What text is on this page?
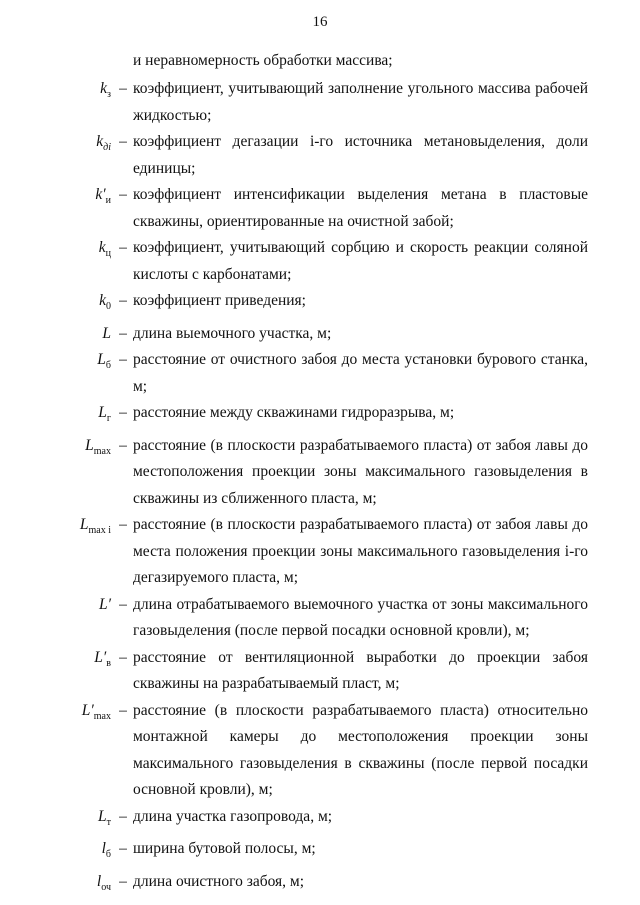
16
и неравномерность обработки массива;
$k_з$ – коэффициент, учитывающий заполнение угольного массива рабочей жидкостью;
$k_{дi}$ – коэффициент дегазации i-го источника метановыделения, доли единицы;
$k'_и$ – коэффициент интенсификации выделения метана в пластовые скважины, ориентированные на очистной забой;
$k_ц$ – коэффициент, учитывающий сорбцию и скорость реакции соляной кислоты с карбонатами;
$k_0$ – коэффициент приведения;
L – длина выемочного участка, м;
$L_б$ – расстояние от очистного забоя до места установки бурового станка, м;
$L_г$ – расстояние между скважинами гидроразрыва, м;
$L_{max}$ – расстояние (в плоскости разрабатываемого пласта) от забоя лавы до местоположения проекции зоны максимального газовыделения в скважины из сближенного пласта, м;
$L_{max i}$ – расстояние (в плоскости разрабатываемого пласта) от забоя лавы до места положения проекции зоны максимального газовыделения i-го дегазируемого пласта, м;
L′ – длина отрабатываемого выемочного участка от зоны максимального газовыделения (после первой посадки основной кровли), м;
$L'_в$ – расстояние от вентиляционной выработки до проекции забоя скважины на разрабатываемый пласт, м;
$L'_{max}$ – расстояние (в плоскости разрабатываемого пласта) относительно монтажной камеры до местоположения проекции зоны максимального газовыделения в скважины (после первой посадки основной кровли), м;
$L_т$ – длина участка газопровода, м;
$l_б$ – ширина бутовой полосы, м;
$l_{оч}$ – длина очистного забоя, м;
